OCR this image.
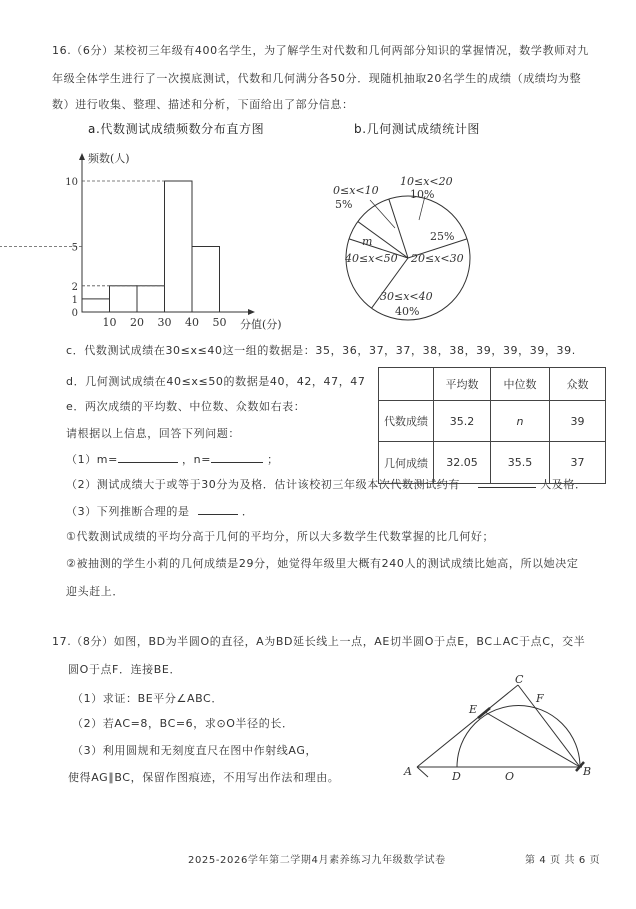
16.（6分）某校初三年级有400名学生，为了解学生对代数和几何两部分知识的掌握情况，数学教师对九
年级全体学生进行了一次摸底测试，代数和几何满分各50分．现随机抽取20名学生的成绩（成绩均为整
数）进行收集、整理、描述和分析，下面给出了部分信息：
a.代数测试成绩频数分布直方图	b.几何测试成绩统计图
0
1
2
5
10
10 20 30 40 50
频数(人)
分值(分)
0≤x<10
5%
10≤x<20
10%
25%
20≤x<30
30≤x<40
40%
m
40≤x<50
c．代数测试成绩在30≤x≤40这一组的数据是：35，36，37，37，38，38，39，39，39，39.
d．几何测试成绩在40≤x≤50的数据是40，42，47，47
e．两次成绩的平均数、中位数、众数如右表：
请根据以上信息，回答下列问题：
（1）m=	，n=	；
（2）测试成绩大于或等于30分为及格．估计该校初三年级本次代数测试约有	人及格．
（3）下列推断合理的是	．
①代数测试成绩的平均分高于几何的平均分，所以大多数学生代数掌握的比几何好；
②被抽测的学生小莉的几何成绩是29分，她觉得年级里大概有240人的测试成绩比她高，所以她决定
迎头赶上．
	平均数	中位数	众数
代数成绩	35.2	n	39
几何成绩	32.05	35.5	37
17.（8分）如图，BD为半圆O的直径，A为BD延长线上一点，AE切半圆O于点E，BC⊥AC于点C，交半
圆O于点F．连接BE．
（1）求证：BE平分∠ABC．
（2）若AC=8，BC=6，求⊙O半径的长．
（3）利用圆规和无刻度直尺在图中作射线AG，
使得AG∥BC，保留作图痕迹，不用写出作法和理由。	A	B
C
D
E
F
O
2025-2026学年第二学期4月素养练习九年级数学试卷	第 4 页 共 6 页
